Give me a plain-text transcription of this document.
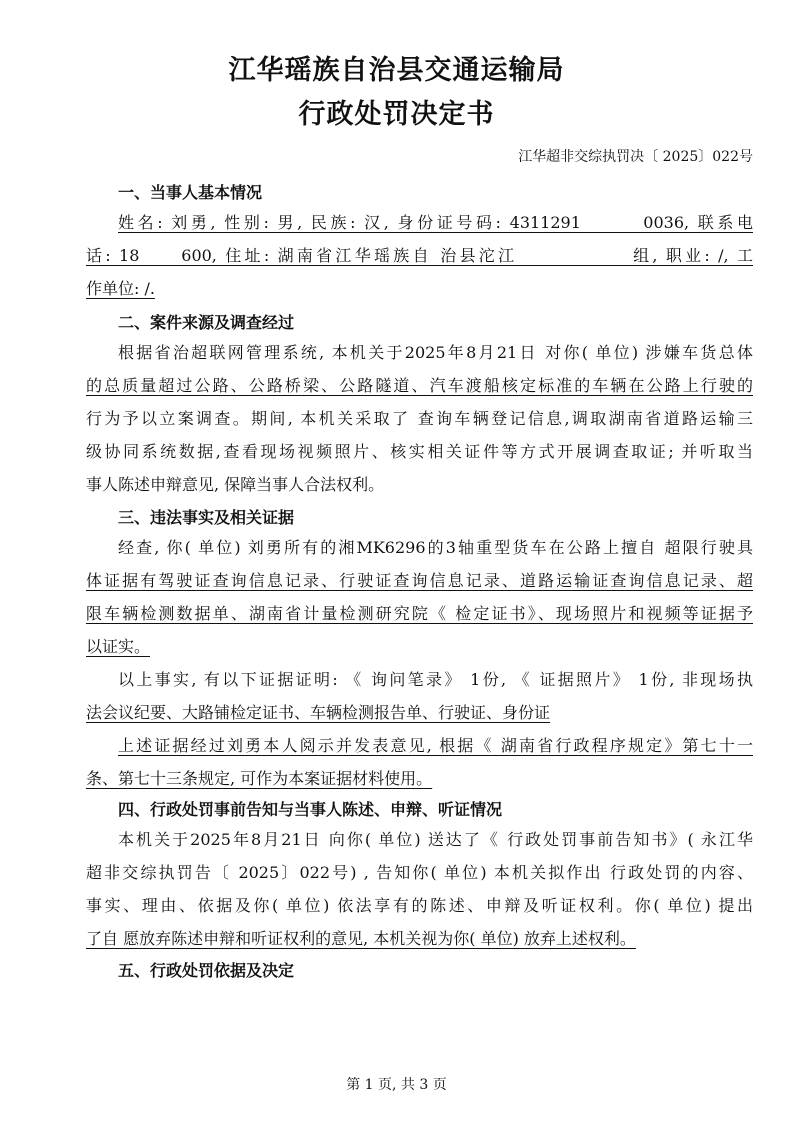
江华瑶族自治县交通运输局
行政处罚决定书
江华超非交综执罚决〔 2025〕022号
一、当事人基本情况
姓名: 刘勇, 性别: 男, 民族: 汉, 身份证号码: 4311291　　　0036, 联系电
话: 18　　600, 住址: 湖南省江华瑶族自 治县沱江　　　　　　组, 职业: /, 工
作单位: /.
二、案件来源及调查经过
根据省治超联网管理系统, 本机关于2025年8月21日 对你( 单位) 涉嫌车货总体
的总质量超过公路、公路桥梁、公路隧道、汽车渡船核定标准的车辆在公路上行驶的
行为予以立案调查。期间, 本机关采取了 查询车辆登记信息,调取湖南省道路运输三
级协同系统数据,查看现场视频照片、核实相关证件等方式开展调查取证; 并听取当
事人陈述申辩意见, 保障当事人合法权利。
三、违法事实及相关证据
经查, 你( 单位) 刘勇所有的湘MK6296的3轴重型货车在公路上擅自 超限行驶具
体证据有驾驶证查询信息记录、行驶证查询信息记录、道路运输证查询信息记录、超
限车辆检测数据单、湖南省计量检测研究院《 检定证书》、现场照片和视频等证据予
以证实。
以上事实, 有以下证据证明: 《 询问笔录》 1份, 《 证据照片》 1份, 非现场执
法会议纪要、大路铺检定证书、车辆检测报告单、行驶证、身份证
上述证据经过刘勇本人阅示并发表意见, 根据《 湖南省行政程序规定》第七十一
条、第七十三条规定, 可作为本案证据材料使用。
四、行政处罚事前告知与当事人陈述、申辩、听证情况
本机关于2025年8月21日 向你( 单位) 送达了《 行政处罚事前告知书》( 永江华
超非交综执罚告〔 2025〕022号) , 告知你( 单位) 本机关拟作出 行政处罚的内容、
事实、理由、依据及你( 单位) 依法享有的陈述、申辩及听证权利。你( 单位) 提出
了自 愿放弃陈述申辩和听证权利的意见, 本机关视为你( 单位) 放弃上述权利。
五、行政处罚依据及决定
第 1 页, 共 3 页
